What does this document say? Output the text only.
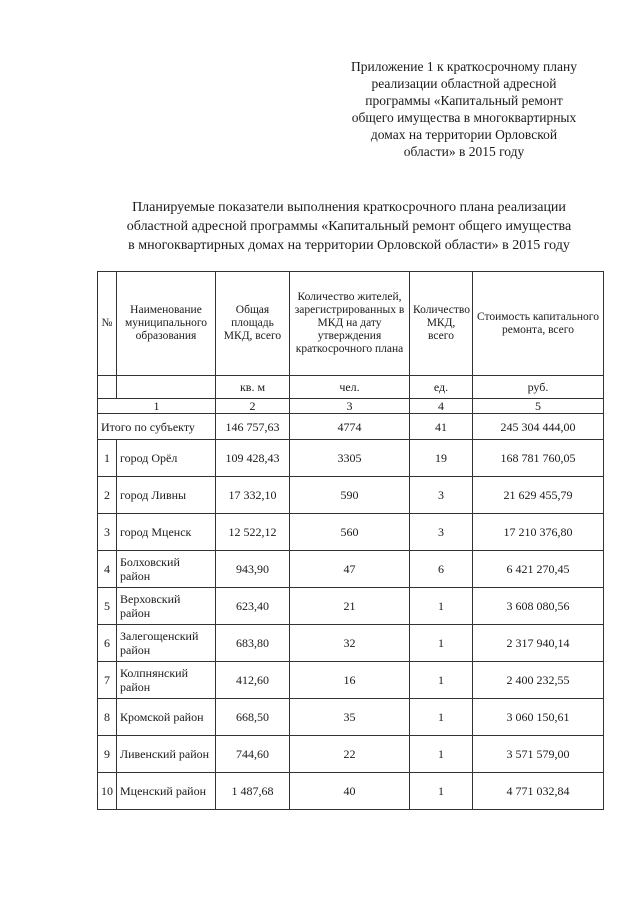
Приложение 1 к краткосрочному плану
реализации областной адресной
программы «Капитальный ремонт
общего имущества в многоквартирных
домах на территории Орловской
области» в 2015 году
Планируемые показатели выполнения краткосрочного плана реализации
областной адресной программы «Капитальный ремонт общего имущества
в многоквартирных домах на территории Орловской области» в 2015 году
№	Наименование муниципального образования	Общая площадь МКД, всего	Количество жителей, зарегистрированных в МКД на дату утверждения краткосрочного плана	Количество МКД, всего	Стоимость капитального ремонта, всего
		кв. м	чел.	ед.	руб.
1		2	3	4	5
Итого по субъекту		146 757,63	4774	41	245 304 444,00
1	город Орёл	109 428,43	3305	19	168 781 760,05
2	город Ливны	17 332,10	590	3	21 629 455,79
3	город Мценск	12 522,12	560	3	17 210 376,80
4	Болховский район	943,90	47	6	6 421 270,45
5	Верховский район	623,40	21	1	3 608 080,56
6	Залегощенский район	683,80	32	1	2 317 940,14
7	Колпнянский район	412,60	16	1	2 400 232,55
8	Кромской район	668,50	35	1	3 060 150,61
9	Ливенский район	744,60	22	1	3 571 579,00
10	Мценский район	1 487,68	40	1	4 771 032,84
